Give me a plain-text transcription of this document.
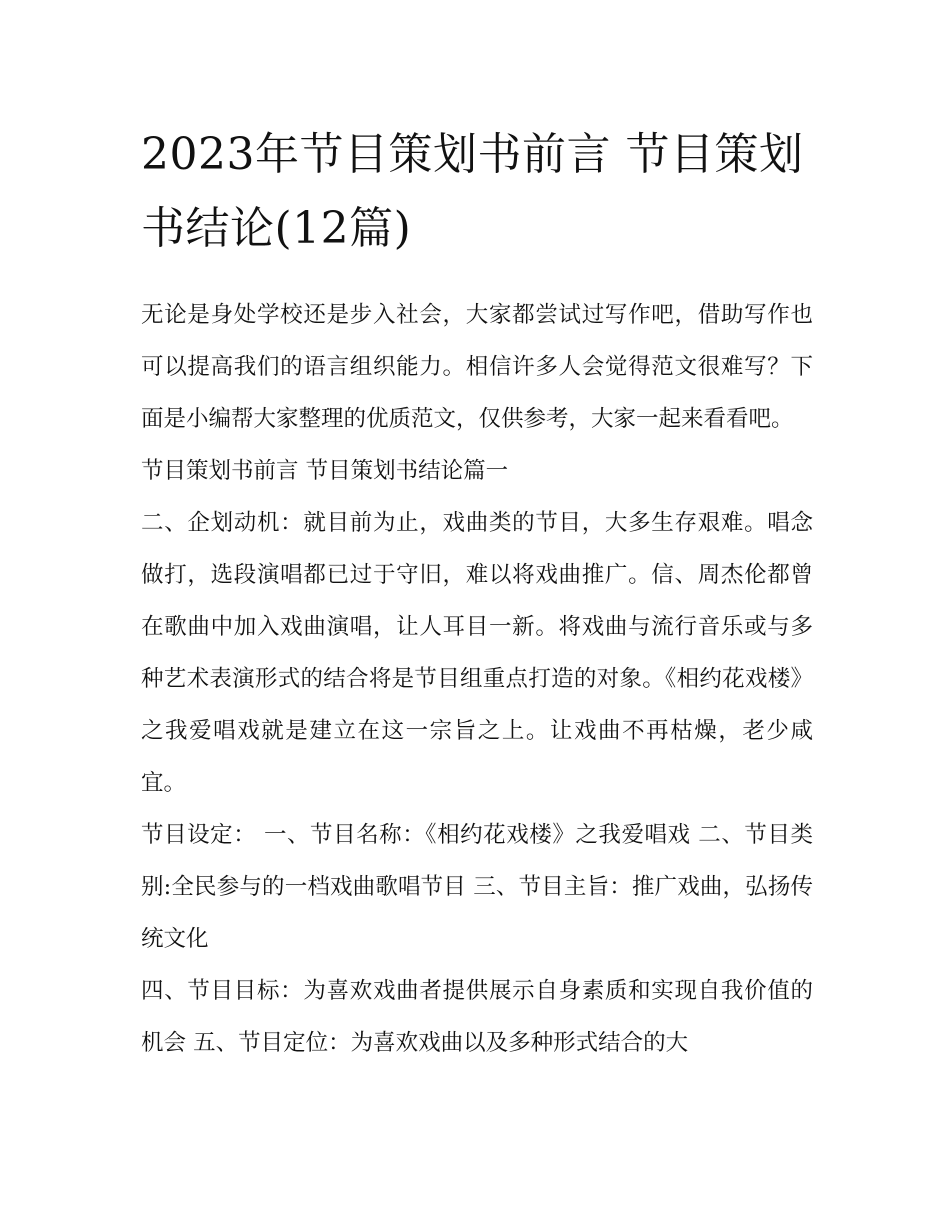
2023年节目策划书前言 节目策划书结论(12篇)

无论是身处学校还是步入社会，大家都尝试过写作吧，借助写作也可以提高我们的语言组织能力。相信许多人会觉得范文很难写？下面是小编帮大家整理的优质范文，仅供参考，大家一起来看看吧。

节目策划书前言 节目策划书结论篇一

二、企划动机：就目前为止，戏曲类的节目，大多生存艰难。唱念做打，选段演唱都已过于守旧，难以将戏曲推广。信、周杰伦都曾在歌曲中加入戏曲演唱，让人耳目一新。将戏曲与流行音乐或与多种艺术表演形式的结合将是节目组重点打造的对象。《相约花戏楼》之我爱唱戏就是建立在这一宗旨之上。让戏曲不再枯燥，老少咸宜。

节目设定： 一、节目名称：《相约花戏楼》之我爱唱戏 二、节目类别:全民参与的一档戏曲歌唱节目 三、节目主旨：推广戏曲，弘扬传统文化

四、节目目标：为喜欢戏曲者提供展示自身素质和实现自我价值的机会 五、节目定位：为喜欢戏曲以及多种形式结合的大
